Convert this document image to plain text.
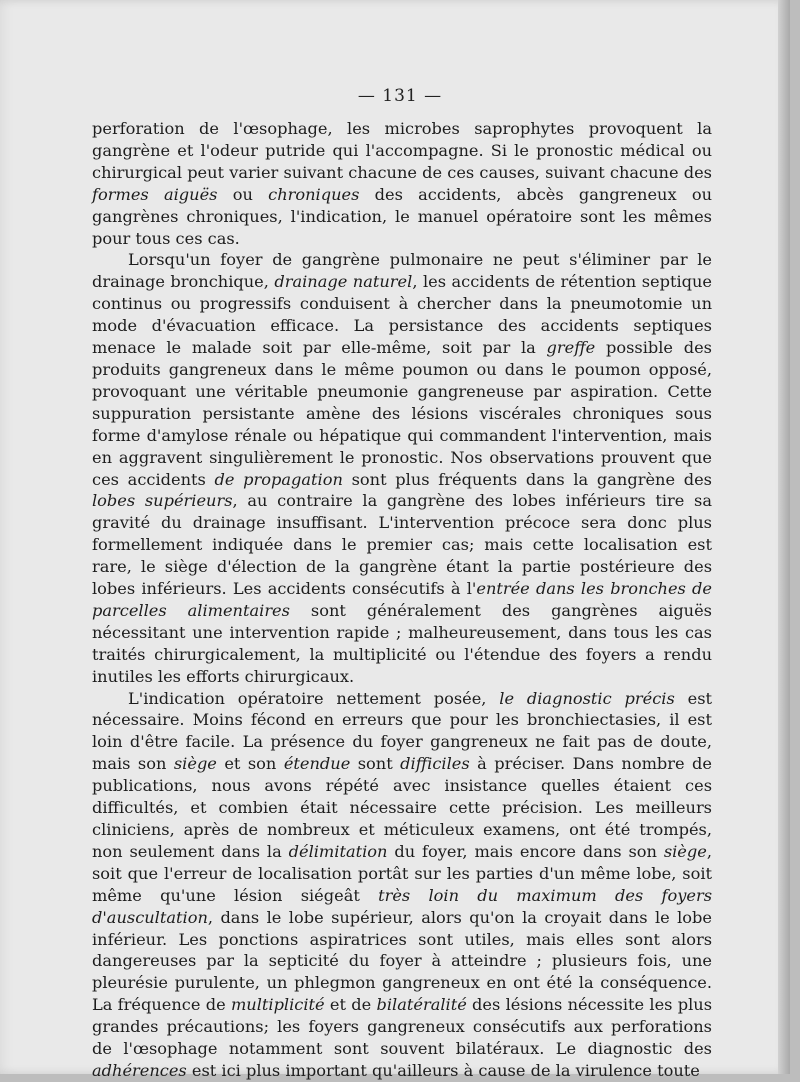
— 131 —

perforation de l'œsophage, les microbes saprophytes provoquent la gangrène et l'odeur putride qui l'accompagne. Si le pronostic médical ou chirurgical peut varier suivant chacune de ces causes, suivant chacune des formes aiguës ou chroniques des accidents, abcès gangreneux ou gangrènes chroniques, l'indication, le manuel opératoire sont les mêmes pour tous ces cas.

Lorsqu'un foyer de gangrène pulmonaire ne peut s'éliminer par le drainage bronchique, drainage naturel, les accidents de rétention septique continus ou progressifs conduisent à chercher dans la pneumotomie un mode d'évacuation efficace. La persistance des accidents septiques menace le malade soit par elle-même, soit par la greffe possible des produits gangreneux dans le même poumon ou dans le poumon opposé, provoquant une véritable pneumonie gangreneuse par aspiration. Cette suppuration persistante amène des lésions viscérales chroniques sous forme d'amylose rénale ou hépatique qui commandent l'intervention, mais en aggravent singulièrement le pronostic. Nos observations prouvent que ces accidents de propagation sont plus fréquents dans la gangrène des lobes supérieurs, au contraire la gangrène des lobes inférieurs tire sa gravité du drainage insuffisant. L'intervention précoce sera donc plus formellement indiquée dans le premier cas; mais cette localisation est rare, le siège d'élection de la gangrène étant la partie postérieure des lobes inférieurs. Les accidents consécutifs à l'entrée dans les bronches de parcelles alimentaires sont généralement des gangrènes aiguës nécessitant une intervention rapide ; malheureusement, dans tous les cas traités chirurgicalement, la multiplicité ou l'étendue des foyers a rendu inutiles les efforts chirurgicaux.

L'indication opératoire nettement posée, le diagnostic précis est nécessaire. Moins fécond en erreurs que pour les bronchiectasies, il est loin d'être facile. La présence du foyer gangreneux ne fait pas de doute, mais son siège et son étendue sont difficiles à préciser. Dans nombre de publications, nous avons répété avec insistance quelles étaient ces difficultés, et combien était nécessaire cette précision. Les meilleurs cliniciens, après de nombreux et méticuleux examens, ont été trompés, non seulement dans la délimitation du foyer, mais encore dans son siège, soit que l'erreur de localisation portât sur les parties d'un même lobe, soit même qu'une lésion siégeât très loin du maximum des foyers d'auscultation, dans le lobe supérieur, alors qu'on la croyait dans le lobe inférieur. Les ponctions aspiratrices sont utiles, mais elles sont alors dangereuses par la septicité du foyer à atteindre ; plusieurs fois, une pleurésie purulente, un phlegmon gangreneux en ont été la conséquence. La fréquence de multiplicité et de bilatéralité des lésions nécessite les plus grandes précautions; les foyers gangreneux consécutifs aux perforations de l'œsophage notamment sont souvent bilatéraux. Le diagnostic des adhérences est ici plus important qu'ailleurs à cause de la virulence toute
